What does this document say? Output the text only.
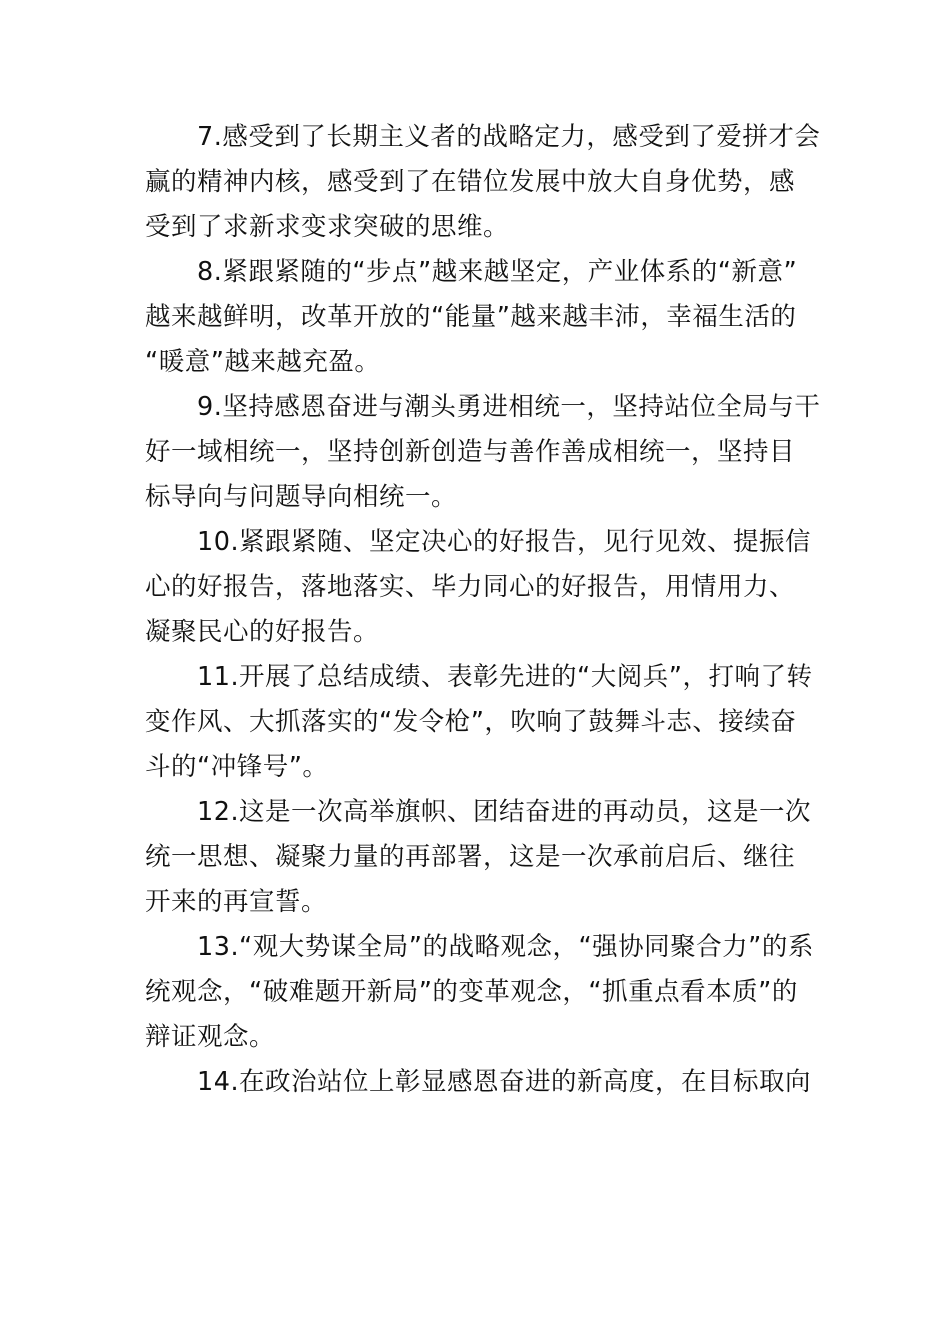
7.感受到了长期主义者的战略定力，感受到了爱拼才会
赢的精神内核，感受到了在错位发展中放大自身优势，感
受到了求新求变求突破的思维。

8.紧跟紧随的“步点”越来越坚定，产业体系的“新意”
越来越鲜明，改革开放的“能量”越来越丰沛，幸福生活的
“暖意”越来越充盈。

9.坚持感恩奋进与潮头勇进相统一，坚持站位全局与干
好一域相统一，坚持创新创造与善作善成相统一，坚持目
标导向与问题导向相统一。

10.紧跟紧随、坚定决心的好报告，见行见效、提振信
心的好报告，落地落实、毕力同心的好报告，用情用力、
凝聚民心的好报告。

11.开展了总结成绩、表彰先进的“大阅兵”，打响了转
变作风、大抓落实的“发令枪”，吹响了鼓舞斗志、接续奋
斗的“冲锋号”。

12.这是一次高举旗帜、团结奋进的再动员，这是一次
统一思想、凝聚力量的再部署，这是一次承前启后、继往
开来的再宣誓。

13.“观大势谋全局”的战略观念，“强协同聚合力”的系
统观念，“破难题开新局”的变革观念，“抓重点看本质”的
辩证观念。

14.在政治站位上彰显感恩奋进的新高度，在目标取向
